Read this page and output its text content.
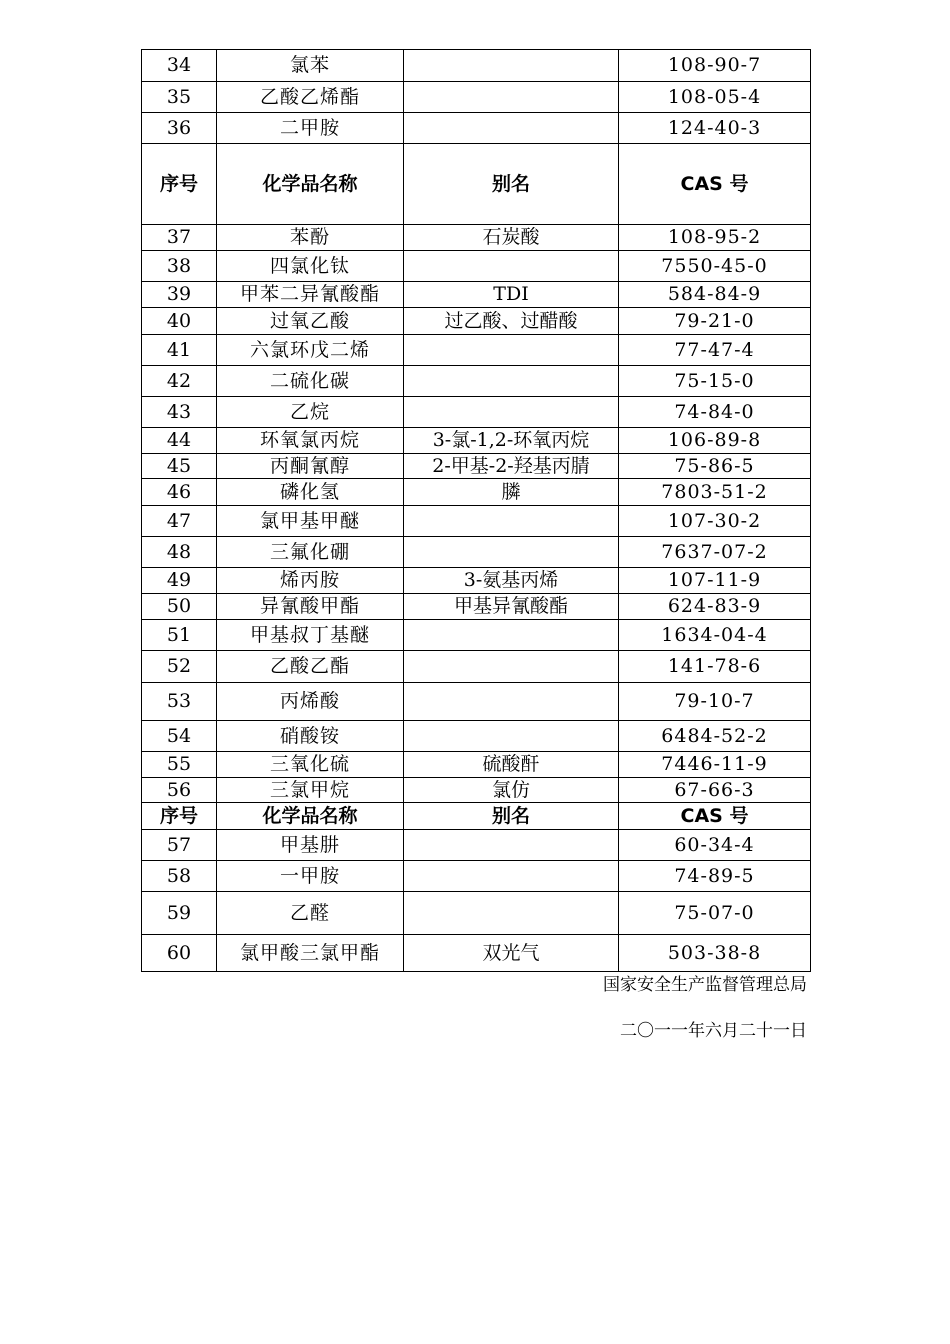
34	氯苯		108-90-7
35	乙酸乙烯酯		108-05-4
36	二甲胺		124-40-3
序号	化学品名称	别名	CAS 号
37	苯酚	石炭酸	108-95-2
38	四氯化钛		7550-45-0
39	甲苯二异氰酸酯	TDI	584-84-9
40	过氧乙酸	过乙酸、过醋酸	79-21-0
41	六氯环戊二烯		77-47-4
42	二硫化碳		75-15-0
43	乙烷		74-84-0
44	环氧氯丙烷	3-氯-1,2-环氧丙烷	106-89-8
45	丙酮氰醇	2-甲基-2-羟基丙腈	75-86-5
46	磷化氢	膦	7803-51-2
47	氯甲基甲醚		107-30-2
48	三氟化硼		7637-07-2
49	烯丙胺	3-氨基丙烯	107-11-9
50	异氰酸甲酯	甲基异氰酸酯	624-83-9
51	甲基叔丁基醚		1634-04-4
52	乙酸乙酯		141-78-6
53	丙烯酸		79-10-7
54	硝酸铵		6484-52-2
55	三氧化硫	硫酸酐	7446-11-9
56	三氯甲烷	氯仿	67-66-3
序号	化学品名称	别名	CAS 号
57	甲基肼		60-34-4
58	一甲胺		74-89-5
59	乙醛		75-07-0
60	氯甲酸三氯甲酯	双光气	503-38-8
国家安全生产监督管理总局
二〇一一年六月二十一日
